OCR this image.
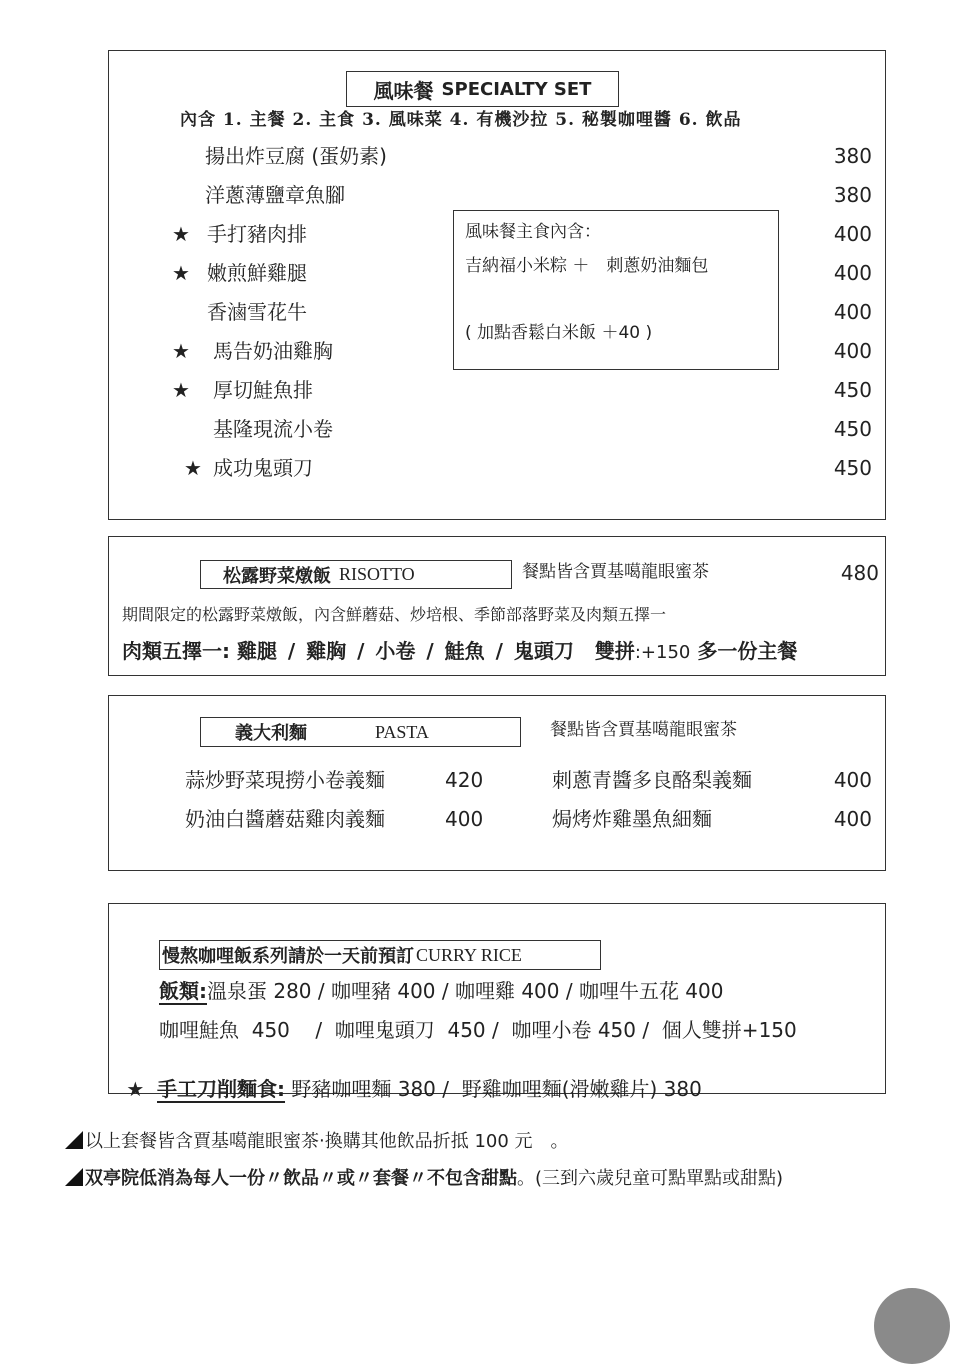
風味餐 SPECIALTY SET
內含 1. 主餐 2. 主食 3. 風味菜 4. 有機沙拉 5. 秘製咖哩醬 6. 飲品
揚出炸豆腐 (蛋奶素)	380
洋蔥薄鹽章魚腳	380
★ 手打豬肉排	400
★ 嫩煎鮮雞腿	400
香滷雪花牛	400
★ 馬告奶油雞胸	400
★ 厚切鮭魚排	450
基隆現流小卷	450
★ 成功鬼頭刀	450
風味餐主食內含：
吉納福小米粽 ＋　刺蔥奶油麵包
( 加點香鬆白米飯 ＋40 )
松露野菜燉飯 RISOTTO	餐點皆含賈基噶龍眼蜜茶	480
期間限定的松露野菜燉飯，內含鮮蘑菇、炒培根、季節部落野菜及肉類五擇一
肉類五擇一: 雞腿 / 雞胸 / 小卷 / 鮭魚 / 鬼頭刀 雙拼:+150 多一份主餐
義大利麵	PASTA	餐點皆含賈基噶龍眼蜜茶
蒜炒野菜現撈小卷義麵	420	刺蔥青醬多良酪梨義麵	400
奶油白醬蘑菇雞肉義麵	400	焗烤炸雞墨魚細麵	400
慢熬咖哩飯系列請於一天前預訂 CURRY RICE
飯類:溫泉蛋 280 / 咖哩豬 400 / 咖哩雞 400 / 咖哩牛五花 400
咖哩鮭魚  450    /  咖哩鬼頭刀  450 /  咖哩小卷 450 /  個人雙拼+150

★ 手工刀削麵食: 野豬咖哩麵 380 /  野雞咖哩麵(滑嫩雞片) 380

以上套餐皆含賈基噶龍眼蜜茶‧換購其他飲品折抵 100 元　。
双亭院低消為每人一份〃飲品〃或〃套餐〃不包含甜點。(三到六歲兒童可點單點或甜點)
